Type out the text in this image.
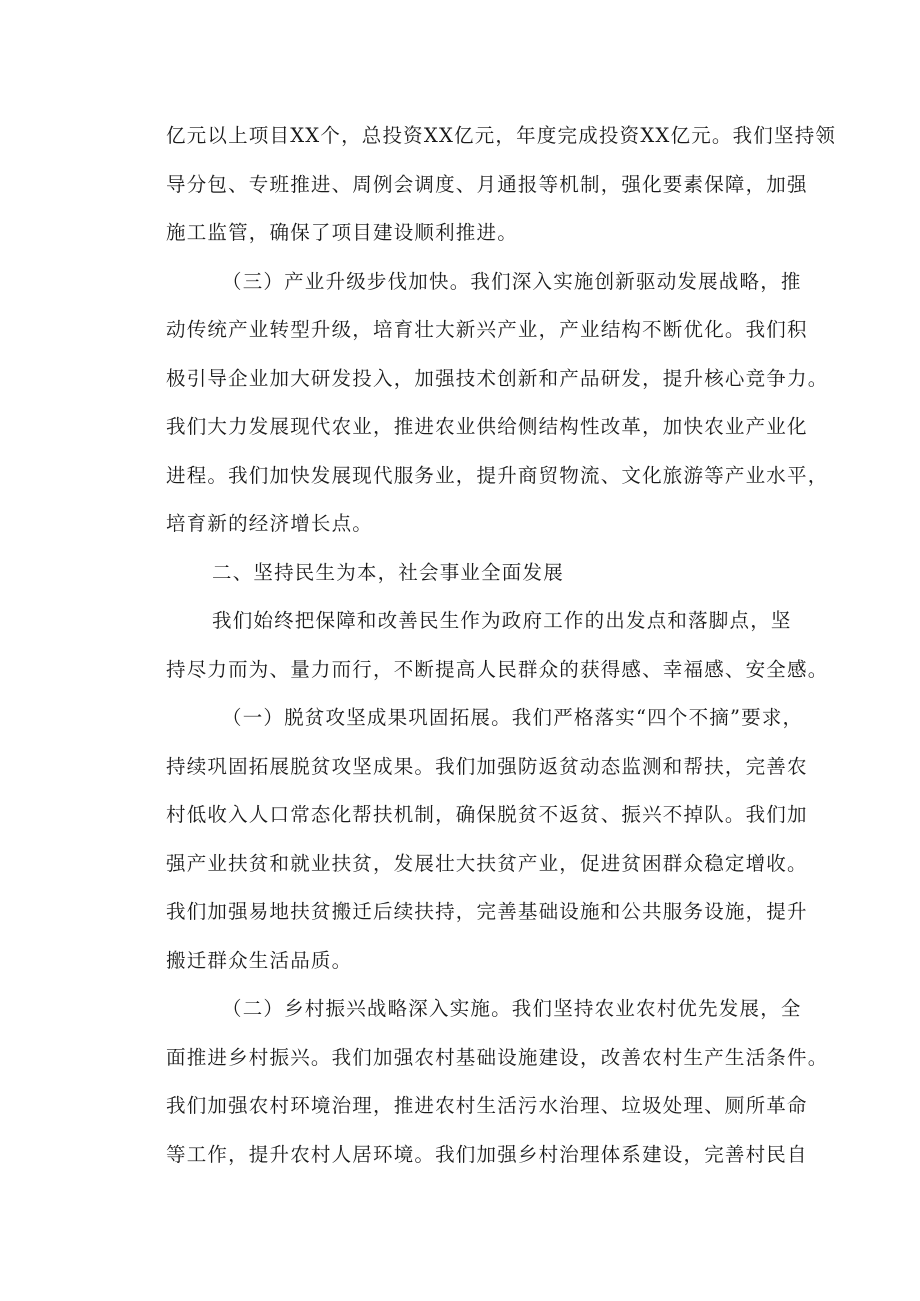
亿元以上项目XX个，总投资XX亿元，年度完成投资XX亿元。我们坚持领
导分包、专班推进、周例会调度、月通报等机制，强化要素保障，加强
施工监管，确保了项目建设顺利推进。
（三）产业升级步伐加快。我们深入实施创新驱动发展战略，推
动传统产业转型升级，培育壮大新兴产业，产业结构不断优化。我们积
极引导企业加大研发投入，加强技术创新和产品研发，提升核心竞争力。
我们大力发展现代农业，推进农业供给侧结构性改革，加快农业产业化
进程。我们加快发展现代服务业，提升商贸物流、文化旅游等产业水平，
培育新的经济增长点。
二、坚持民生为本，社会事业全面发展
我们始终把保障和改善民生作为政府工作的出发点和落脚点，坚
持尽力而为、量力而行，不断提高人民群众的获得感、幸福感、安全感。
（一）脱贫攻坚成果巩固拓展。我们严格落实“四个不摘”要求，
持续巩固拓展脱贫攻坚成果。我们加强防返贫动态监测和帮扶，完善农
村低收入人口常态化帮扶机制，确保脱贫不返贫、振兴不掉队。我们加
强产业扶贫和就业扶贫，发展壮大扶贫产业，促进贫困群众稳定增收。
我们加强易地扶贫搬迁后续扶持，完善基础设施和公共服务设施，提升
搬迁群众生活品质。
（二）乡村振兴战略深入实施。我们坚持农业农村优先发展，全
面推进乡村振兴。我们加强农村基础设施建设，改善农村生产生活条件。
我们加强农村环境治理，推进农村生活污水治理、垃圾处理、厕所革命
等工作，提升农村人居环境。我们加强乡村治理体系建设，完善村民自
